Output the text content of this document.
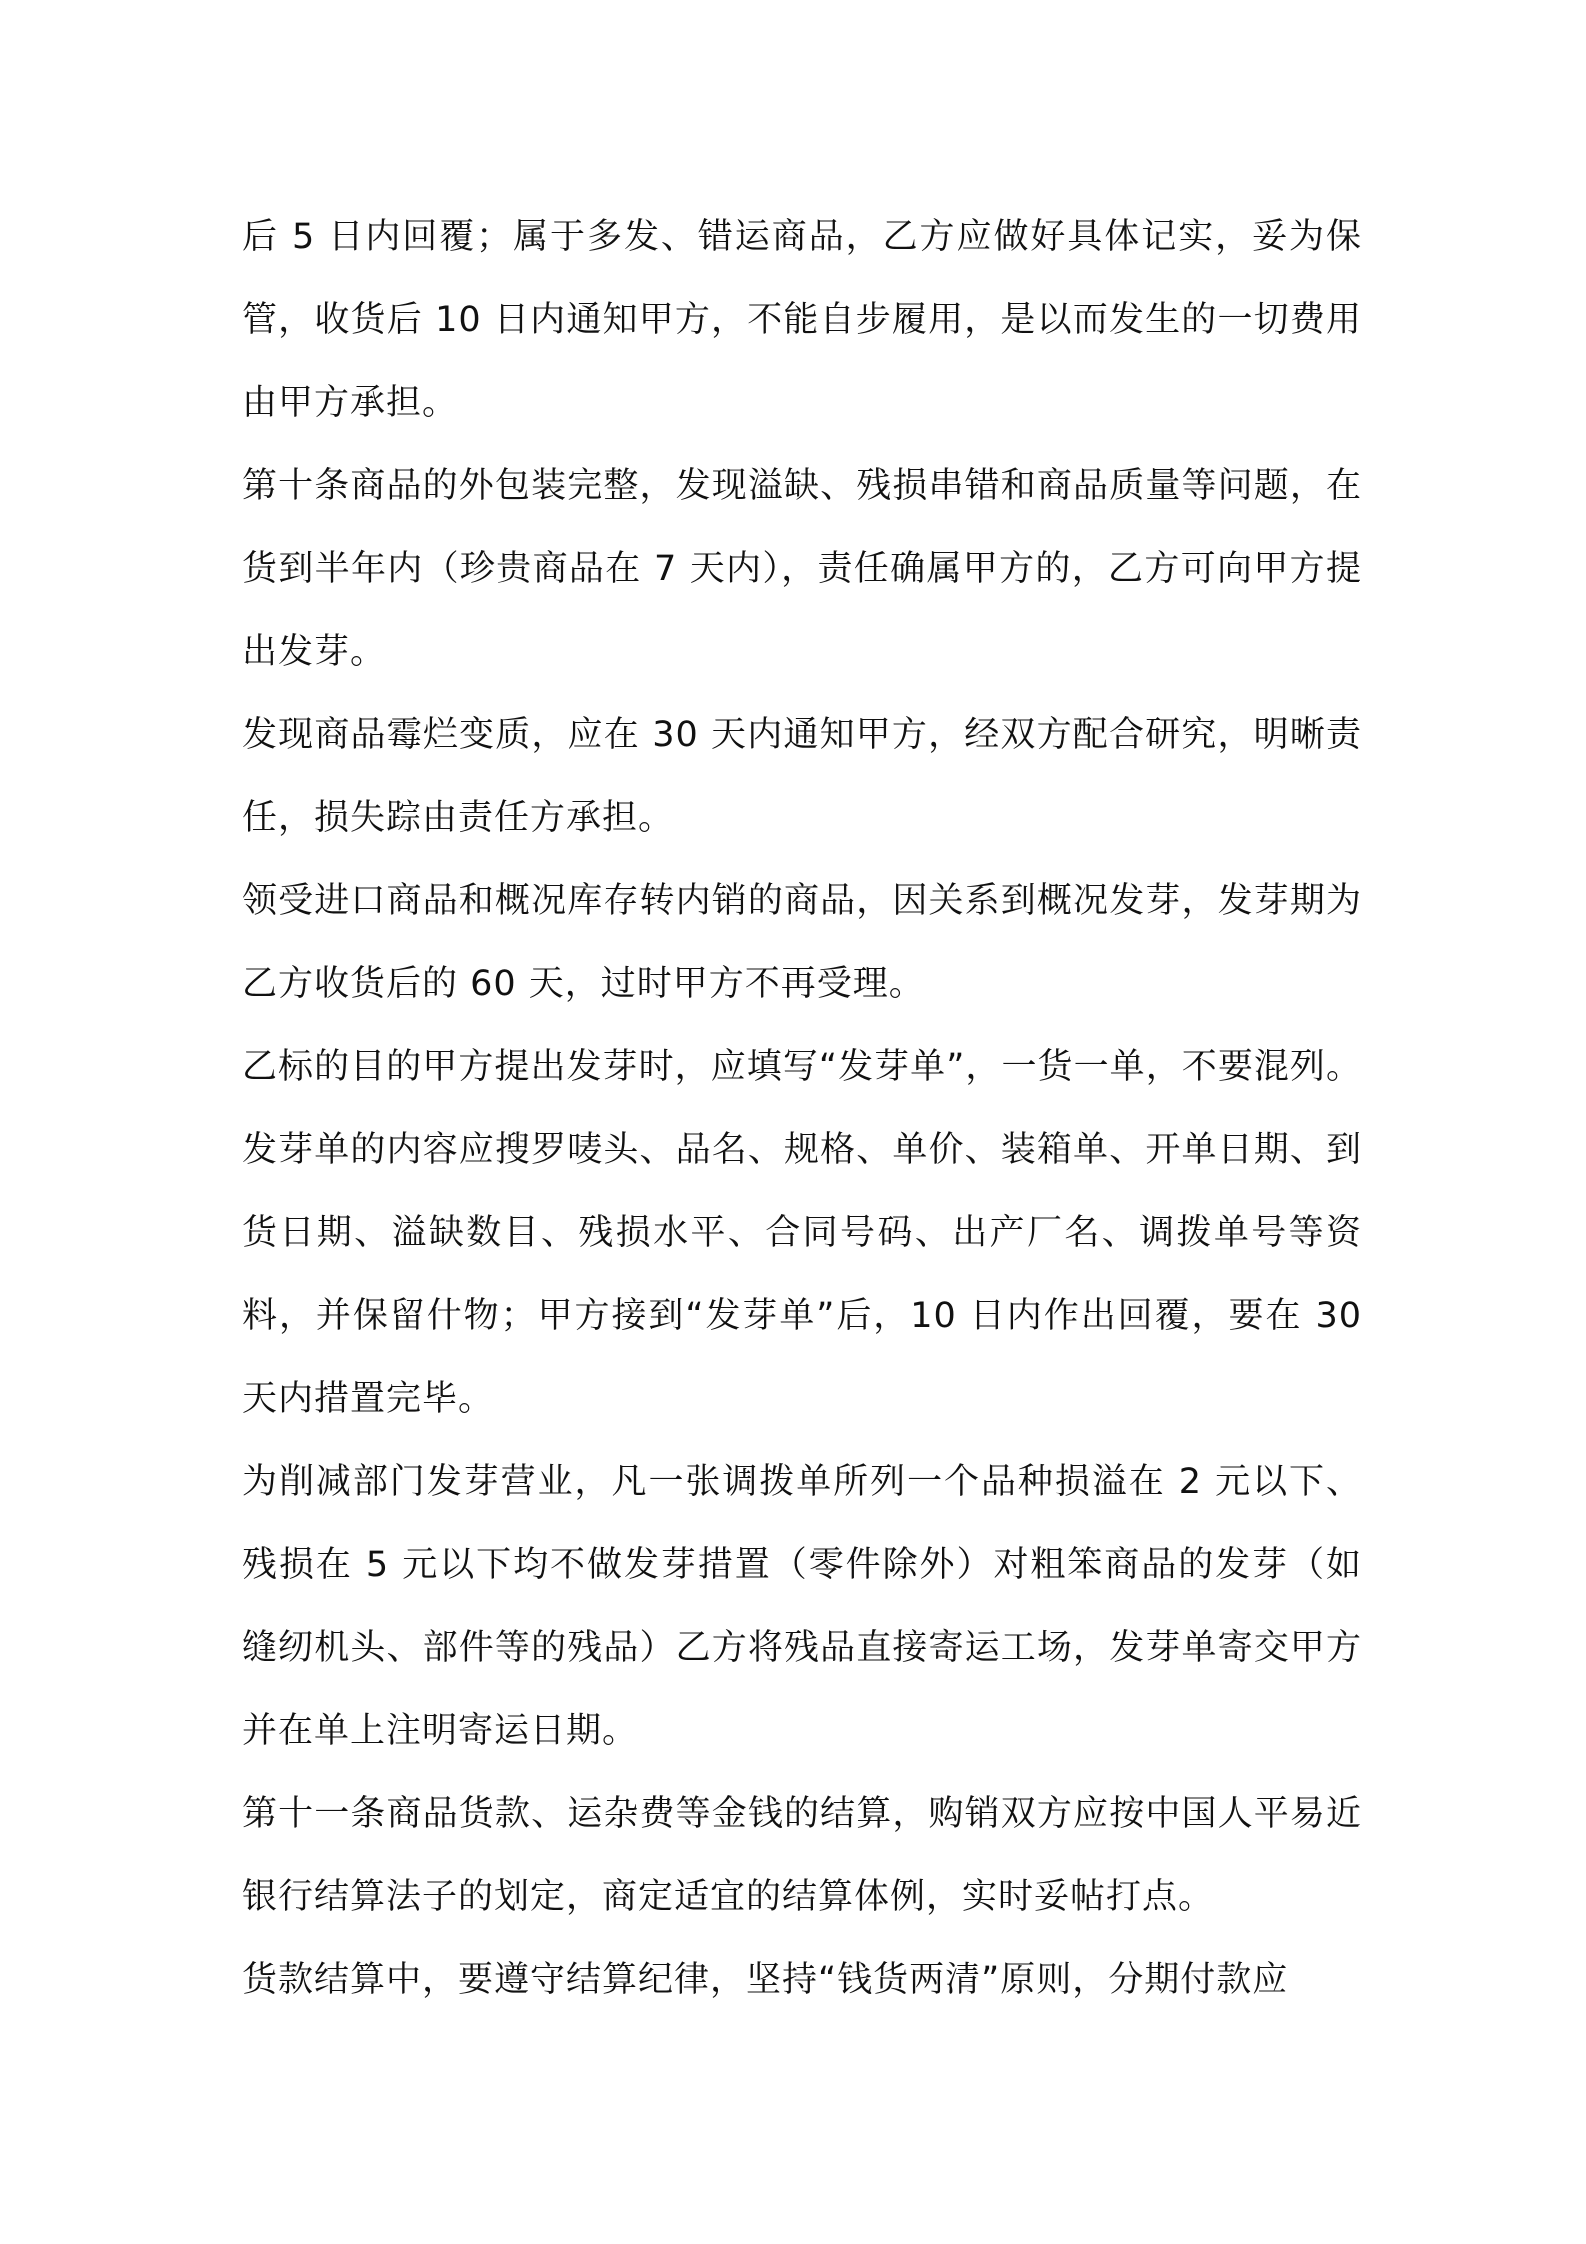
后 5 日内回覆；属于多发、错运商品，乙方应做好具体记实，妥为保管，收货后 10 日内通知甲方，不能自步履用，是以而发生的一切费用由甲方承担。

第十条商品的外包装完整，发现溢缺、残损串错和商品质量等问题，在货到半年内（珍贵商品在 7 天内），责任确属甲方的，乙方可向甲方提出发芽。

发现商品霉烂变质，应在 30 天内通知甲方，经双方配合研究，明晰责任，损失踪由责任方承担。

领受进口商品和概况库存转内销的商品，因关系到概况发芽，发芽期为乙方收货后的 60 天，过时甲方不再受理。

乙标的目的甲方提出发芽时，应填写“发芽单”，一货一单，不要混列。发芽单的内容应搜罗唛头、品名、规格、单价、装箱单、开单日期、到货日期、溢缺数目、残损水平、合同号码、出产厂名、调拨单号等资料，并保留什物；甲方接到“发芽单”后，10 日内作出回覆，要在 30 天内措置完毕。

为削减部门发芽营业，凡一张调拨单所列一个品种损溢在 2 元以下、残损在 5 元以下均不做发芽措置（零件除外）对粗笨商品的发芽（如缝纫机头、部件等的残品）乙方将残品直接寄运工场，发芽单寄交甲方并在单上注明寄运日期。

第十一条商品货款、运杂费等金钱的结算，购销双方应按中国人平易近银行结算法子的划定，商定适宜的结算体例，实时妥帖打点。

货款结算中，要遵守结算纪律，坚持“钱货两清”原则，分期付款应
